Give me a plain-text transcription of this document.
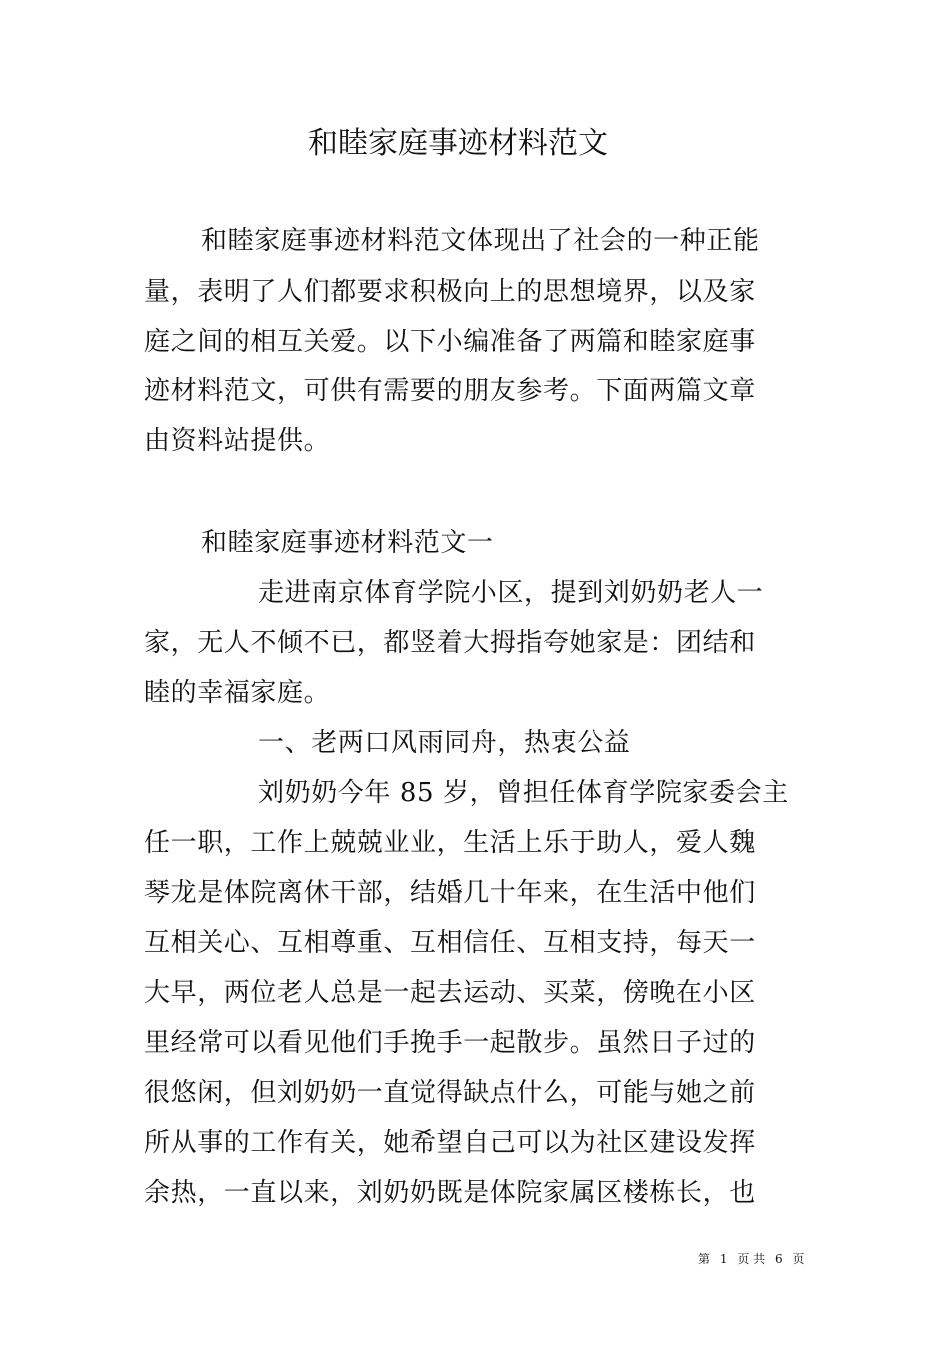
和睦家庭事迹材料范文
和睦家庭事迹材料范文体现出了社会的一种正能
量，表明了人们都要求积极向上的思想境界，以及家
庭之间的相互关爱。以下小编准备了两篇和睦家庭事
迹材料范文，可供有需要的朋友参考。下面两篇文章
由资料站提供。
和睦家庭事迹材料范文一
走进南京体育学院小区，提到刘奶奶老人一
家，无人不倾不已，都竖着大拇指夸她家是：团结和
睦的幸福家庭。
一、老两口风雨同舟，热衷公益
刘奶奶今年 85 岁，曾担任体育学院家委会主
任一职，工作上兢兢业业，生活上乐于助人，爱人魏
琴龙是体院离休干部，结婚几十年来，在生活中他们
互相关心、互相尊重、互相信任、互相支持，每天一
大早，两位老人总是一起去运动、买菜，傍晚在小区
里经常可以看见他们手挽手一起散步。虽然日子过的
很悠闲，但刘奶奶一直觉得缺点什么，可能与她之前
所从事的工作有关，她希望自己可以为社区建设发挥
余热，一直以来，刘奶奶既是体院家属区楼栋长，也
第 1 页 共 6 页
